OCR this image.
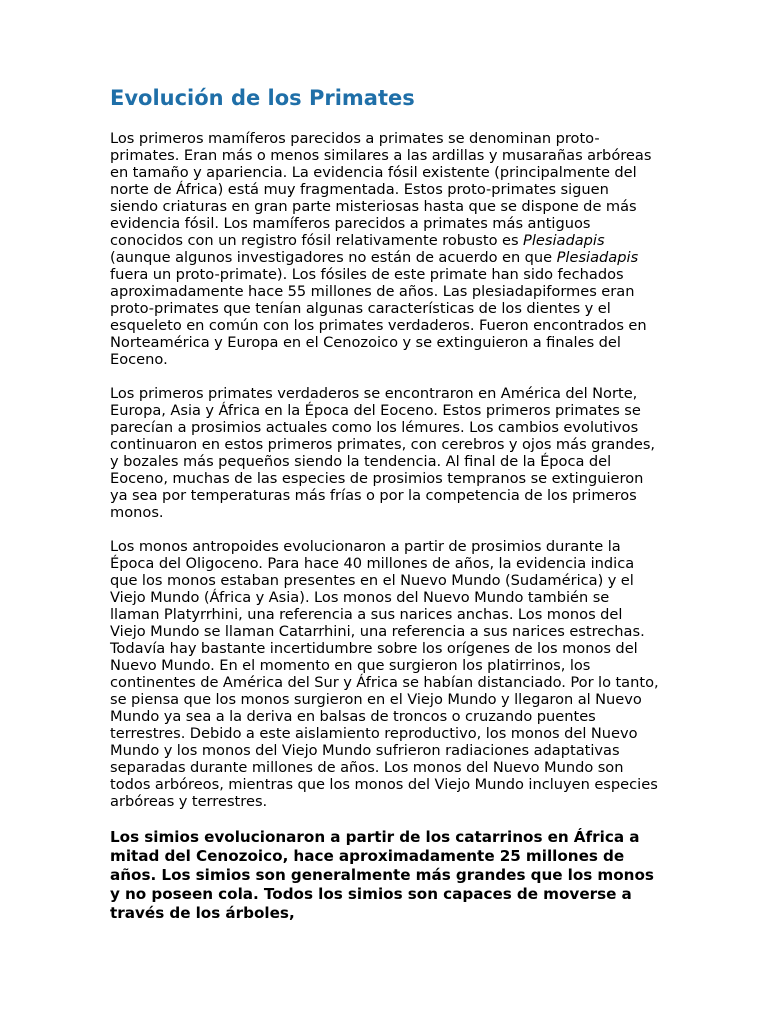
Evolución de los Primates

Los primeros mamíferos parecidos a primates se denominan proto-primates. Eran más o menos similares a las ardillas y musarañas arbóreas en tamaño y apariencia. La evidencia fósil existente (principalmente del norte de África) está muy fragmentada. Estos proto-primates siguen siendo criaturas en gran parte misteriosas hasta que se dispone de más evidencia fósil. Los mamíferos parecidos a primates más antiguos conocidos con un registro fósil relativamente robusto es Plesiadapis (aunque algunos investigadores no están de acuerdo en que Plesiadapis fuera un proto-primate). Los fósiles de este primate han sido fechados aproximadamente hace 55 millones de años. Las plesiadapiformes eran proto-primates que tenían algunas características de los dientes y el esqueleto en común con los primates verdaderos. Fueron encontrados en Norteamérica y Europa en el Cenozoico y se extinguieron a finales del Eoceno.

Los primeros primates verdaderos se encontraron en América del Norte, Europa, Asia y África en la Época del Eoceno. Estos primeros primates se parecían a prosimios actuales como los lémures. Los cambios evolutivos continuaron en estos primeros primates, con cerebros y ojos más grandes, y bozales más pequeños siendo la tendencia. Al final de la Época del Eoceno, muchas de las especies de prosimios tempranos se extinguieron ya sea por temperaturas más frías o por la competencia de los primeros monos.

Los monos antropoides evolucionaron a partir de prosimios durante la Época del Oligoceno. Para hace 40 millones de años, la evidencia indica que los monos estaban presentes en el Nuevo Mundo (Sudamérica) y el Viejo Mundo (África y Asia). Los monos del Nuevo Mundo también se llaman Platyrrhini, una referencia a sus narices anchas. Los monos del Viejo Mundo se llaman Catarrhini, una referencia a sus narices estrechas. Todavía hay bastante incertidumbre sobre los orígenes de los monos del Nuevo Mundo. En el momento en que surgieron los platirrinos, los continentes de América del Sur y África se habían distanciado. Por lo tanto, se piensa que los monos surgieron en el Viejo Mundo y llegaron al Nuevo Mundo ya sea a la deriva en balsas de troncos o cruzando puentes terrestres. Debido a este aislamiento reproductivo, los monos del Nuevo Mundo y los monos del Viejo Mundo sufrieron radiaciones adaptativas separadas durante millones de años. Los monos del Nuevo Mundo son todos arbóreos, mientras que los monos del Viejo Mundo incluyen especies arbóreas y terrestres.

Los simios evolucionaron a partir de los catarrinos en África a mitad del Cenozoico, hace aproximadamente 25 millones de años. Los simios son generalmente más grandes que los monos y no poseen cola. Todos los simios son capaces de moverse a través de los árboles,
